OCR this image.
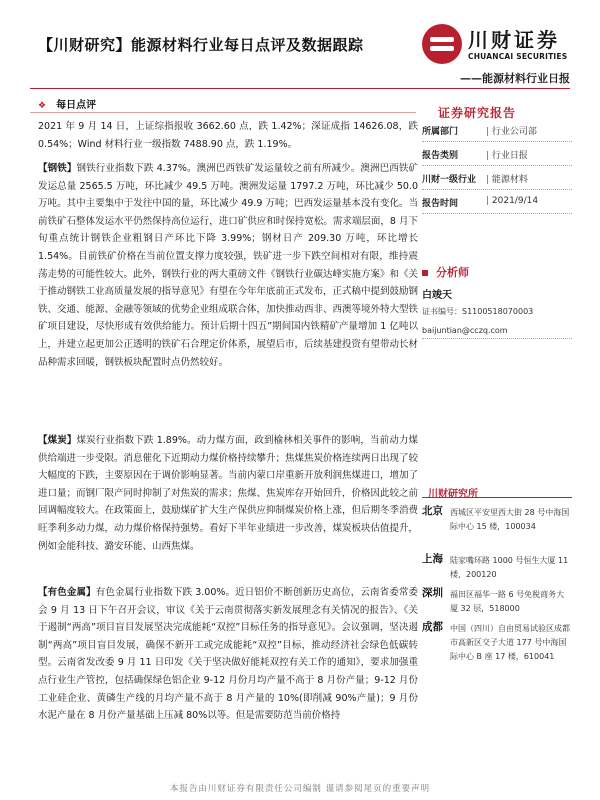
【川财研究】能源材料行业每日点评及数据跟踪	川财证券
CHUANCAI SECURITIES
——能源材料行业日报
❖ 每日点评
2021 年 9 月 14 日，上证综指报收 3662.60 点，跌 1.42%；深证成指 14626.08，跌 0.54%；Wind 材料行业一级指数 7488.90 点，跌 1.19%。
【钢铁】钢铁行业指数下跌 4.37%。澳洲巴西铁矿发运量较之前有所减少。澳洲巴西铁矿发运总量 2565.5 万吨，环比减少 49.5 万吨。澳洲发运量 1797.2 万吨，环比减少 50.0 万吨。其中主要集中于发往中国的量，环比减少 49.9 万吨；巴西发运量基本没有变化。当前铁矿石整体发运水平仍然保持高位运行，进口矿供应和时保持宽松。需求端层面，8 月下旬重点统计钢铁企业粗钢日产环比下降 3.99%；钢材日产 209.30 万吨，环比增长 1.54%。目前铁矿价格在当前位置支撑力度较强，铁矿进一步下跌空间相对有限，维持震荡走势的可能性较大。此外，钢铁行业的两大重磅文件《钢铁行业碳达峰实施方案》和《关于推动钢铁工业高质量发展的指导意见》有望在今年年底前正式发布，正式稿中提到鼓励钢铁、交通、能源、金融等领域的优势企业组成联合体，加快推动西非、西澳等境外特大型铁矿项目建设，尽快形成有效供给能力。预计后期十四五”期间国内铁精矿产量增加 1 亿吨以上，并建立起更加公正透明的铁矿石合理定价体系，展望后市，后续基建投资有望带动长材品种需求回暖，钢铁板块配置时点仍然较好。
【煤炭】煤炭行业指数下跌 1.89%。动力煤方面，政到榆林相关事件的影响，当前动力煤供给端进一步受限。消息催化下近期动力煤价格持续攀升；焦煤焦炭价格连续两日出现了较大幅度的下跌，主要原因在于调价影响显著。当前内蒙口岸重新开放利润焦煤进口，增加了进口量；而钢厂限产同时抑制了对焦炭的需求；焦煤、焦炭库存开始回升，价格因此较之前回调幅度较大。在政策面上，鼓励煤矿扩大生产保供应抑制煤炭价格上涨，但后期冬季消费旺季利多动力煤，动力煤价格保持强势。看好下半年业绩进一步改善，煤炭板块估值提升，例如金能科技、潞安环能、山西焦煤。
【有色金属】有色金属行业指数下跌 3.00%。近日铝价不断创新历史高位，云南省委常委会 9 月 13 日下午召开会议，审议《关于云南贯彻落实新发展理念有关情况的报告》、《关于遏制“两高”项目盲目发展坚决完成能耗“双控”目标任务的指导意见》。会议强调，坚决遏制“两高”项目盲目发展，确保不新开工或完成能耗“双控”目标，推动经济社会绿色低碳转型。云南省发改委 9 月 11 日印发《关于坚决做好能耗双控有关工作的通知》，要求加强重点行业生产管控，包括确保绿色铝企业 9-12 月份月均产量不高于 8 月份产量；9-12 月份工业硅企业、黄磷生产线的月均产量不高于 8 月产量的 10%(即削减 90%产量)；9 月份水泥产量在 8 月份产量基础上压减 80%以等。但是需要防范当前价格持
证券研究报告
所属部门	| 行业公司部
报告类别	| 行业日报
川财一级行业	| 能源材料
报告时间	| 2021/9/14
分析师
白竣天
证书编号：S1100518070003
baijuntian@cczq.com
川财研究所
北京 西城区平安里西大街 28 号中海国际中心 15 楼，100034
上海 陆家嘴环路 1000 号恒生大厦 11 楼，200120
深圳 福田区福华一路 6 号免税商务大厦 32 层，518000
成都 中国（四川）自由贸易试验区成都市高新区交子大道 177 号中海国际中心 B 座 17 楼，610041
本报告由川财证券有限责任公司编制 谨请参阅尾页的重要声明
